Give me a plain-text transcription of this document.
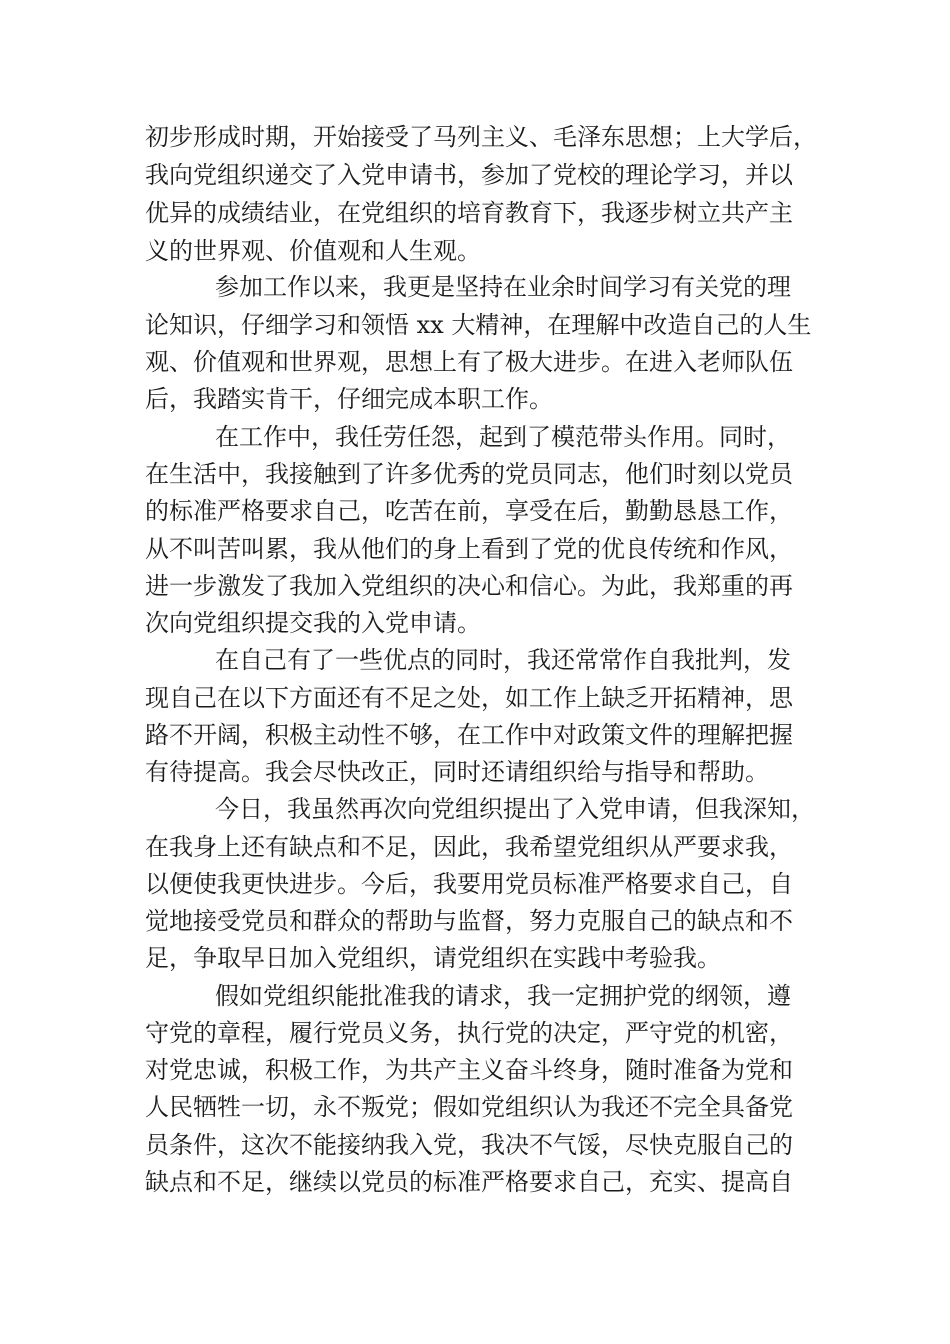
初步形成时期，开始接受了马列主义、毛泽东思想；上大学后，
我向党组织递交了入党申请书，参加了党校的理论学习，并以
优异的成绩结业，在党组织的培育教育下，我逐步树立共产主
义的世界观、价值观和人生观。
参加工作以来，我更是坚持在业余时间学习有关党的理
论知识，仔细学习和领悟 xx 大精神，在理解中改造自己的人生
观、价值观和世界观，思想上有了极大进步。在进入老师队伍
后，我踏实肯干，仔细完成本职工作。
在工作中，我任劳任怨，起到了模范带头作用。同时，
在生活中，我接触到了许多优秀的党员同志，他们时刻以党员
的标准严格要求自己，吃苦在前，享受在后，勤勤恳恳工作，
从不叫苦叫累，我从他们的身上看到了党的优良传统和作风，
进一步激发了我加入党组织的决心和信心。为此，我郑重的再
次向党组织提交我的入党申请。
在自己有了一些优点的同时，我还常常作自我批判，发
现自己在以下方面还有不足之处，如工作上缺乏开拓精神，思
路不开阔，积极主动性不够，在工作中对政策文件的理解把握
有待提高。我会尽快改正，同时还请组织给与指导和帮助。
今日，我虽然再次向党组织提出了入党申请，但我深知，
在我身上还有缺点和不足，因此，我希望党组织从严要求我，
以便使我更快进步。今后，我要用党员标准严格要求自己，自
觉地接受党员和群众的帮助与监督，努力克服自己的缺点和不
足，争取早日加入党组织，请党组织在实践中考验我。
假如党组织能批准我的请求，我一定拥护党的纲领，遵
守党的章程，履行党员义务，执行党的决定，严守党的机密，
对党忠诚，积极工作，为共产主义奋斗终身，随时准备为党和
人民牺牲一切，永不叛党；假如党组织认为我还不完全具备党
员条件，这次不能接纳我入党，我决不气馁，尽快克服自己的
缺点和不足，继续以党员的标准严格要求自己，充实、提高自
